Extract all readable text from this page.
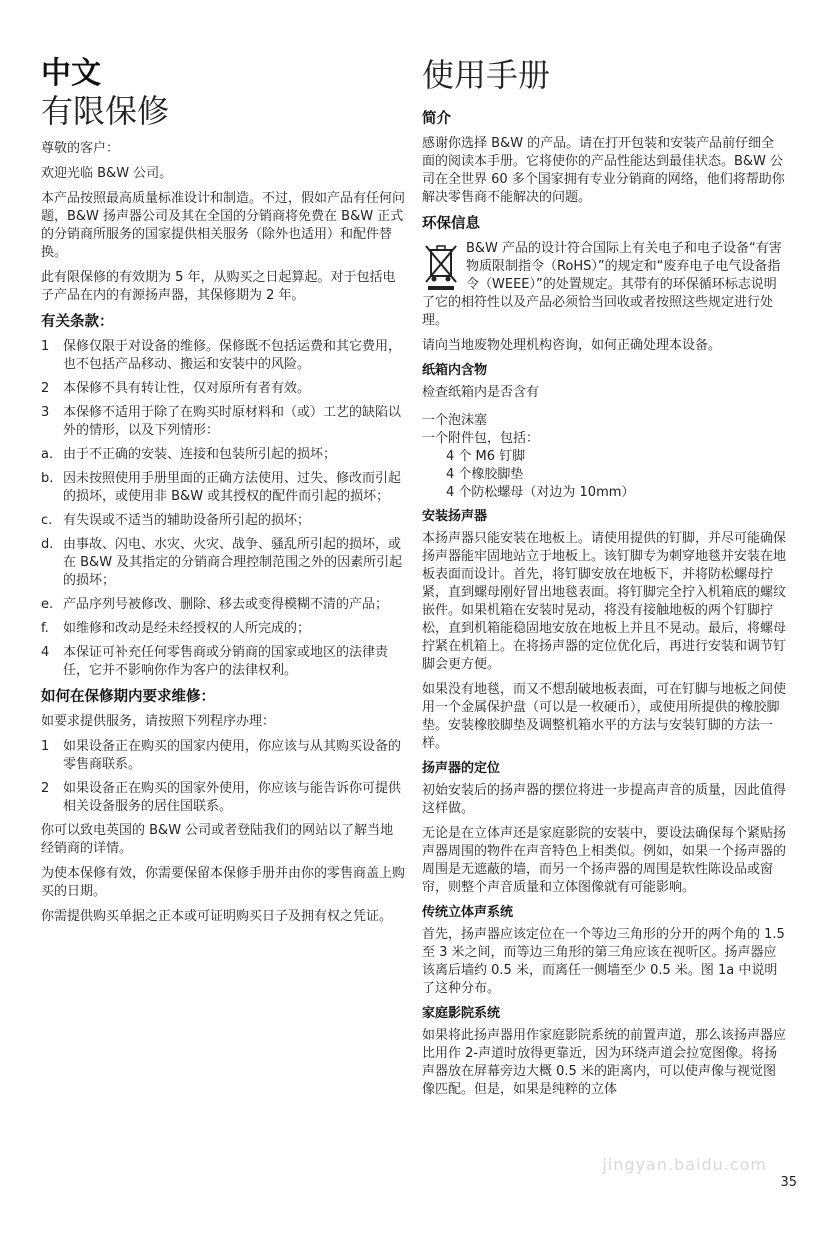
中文
有限保修

尊敬的客户：

欢迎光临 B&W 公司。

本产品按照最高质量标准设计和制造。不过，假如产品有任何问题，B&W 扬声器公司及其在全国的分销商将免费在 B&W 正式的分销商所服务的国家提供相关服务（除外也适用）和配件替换。

此有限保修的有效期为 5 年，从购买之日起算起。对于包括电子产品在内的有源扬声器，其保修期为 2 年。

有关条款：
1	保修仅限于对设备的维修。保修既不包括运费和其它费用，也不包括产品移动、搬运和安装中的风险。
2	本保修不具有转让性，仅对原所有者有效。
3	本保修不适用于除了在购买时原材料和（或）工艺的缺陷以外的情形，以及下列情形：
a. 由于不正确的安装、连接和包装所引起的损坏；
b. 因未按照使用手册里面的正确方法使用、过失、修改而引起的损坏，或使用非 B&W 或其授权的配件而引起的损坏；
c. 有失误或不适当的辅助设备所引起的损坏；
d. 由事故、闪电、水灾、火灾、战争、骚乱所引起的损坏，或在 B&W 及其指定的分销商合理控制范围之外的因素所引起的损坏；
e. 产品序列号被修改、删除、移去或变得模糊不清的产品；
f.	如维修和改动是经未经授权的人所完成的；
4	本保证可补充任何零售商或分销商的国家或地区的法律责任，它并不影响你作为客户的法律权利。
如何在保修期内要求维修：

如要求提供服务，请按照下列程序办理：

1	如果设备正在购买的国家内使用，你应该与从其购买设备的零售商联系。
2	如果设备正在购买的国家外使用，你应该与能告诉你可提供相关设备服务的居住国联系。

你可以致电英国的 B&W 公司或者登陆我们的网站以了解当地经销商的详情。

为使本保修有效，你需要保留本保修手册并由你的零售商盖上购买的日期。

你需提供购买单据之正本或可证明购买日子及拥有权之凭证。

使用手册
简介

感谢你选择 B&W 的产品。请在打开包装和安装产品前仔细全面的阅读本手册。它将使你的产品性能达到最佳状态。B&W 公司在全世界 60 多个国家拥有专业分销商的网络，他们将帮助你解决零售商不能解决的问题。

环保信息

B&W 产品的设计符合国际上有关电子和电子设备“有害物质限制指令（RoHS）”的规定和“废弃电子电气设备指令（WEEE）”的处置规定。其带有的环保循环标志说明了它的相符性以及产品必须恰当回收或者按照这些规定进行处理。

请向当地废物处理机构咨询，如何正确处理本设备。

纸箱内含物

检查纸箱内是否含有

一个泡沫塞
一个附件包，包括：
4 个 M6 钉脚
4 个橡胶脚垫
4 个防松螺母（对边为 10mm）
安装扬声器

本扬声器只能安装在地板上。请使用提供的钉脚，并尽可能确保扬声器能牢固地站立于地板上。该钉脚专为刺穿地毯并安装在地板表面而设计。首先，将钉脚安放在地板下，并将防松螺母拧紧，直到螺母刚好冒出地毯表面。将钉脚完全拧入机箱底的螺纹嵌件。如果机箱在安装时晃动，将没有接触地板的两个钉脚拧松，直到机箱能稳固地安放在地板上并且不晃动。最后，将螺母拧紧在机箱上。在将扬声器的定位优化后，再进行安装和调节钉脚会更方便。

如果没有地毯，而又不想刮破地板表面，可在钉脚与地板之间使用一个金属保护盘（可以是一枚硬币），或使用所提供的橡胶脚垫。安装橡胶脚垫及调整机箱水平的方法与安装钉脚的方法一样。

扬声器的定位

初始安装后的扬声器的摆位将进一步提高声音的质量，因此值得这样做。

无论是在立体声还是家庭影院的安装中，要设法确保每个紧贴扬声器周围的物件在声音特色上相类似。例如，如果一个扬声器的周围是无遮蔽的墙，而另一个扬声器的周围是软性陈设品或窗帘，则整个声音质量和立体图像就有可能影响。

传统立体声系统

首先，扬声器应该定位在一个等边三角形的分开的两个角的 1.5 至 3 米之间，而等边三角形的第三角应该在视听区。扬声器应该离后墙约 0.5 米，而离任一侧墙至少 0.5 米。图 1a 中说明了这种分布。

家庭影院系统

如果将此扬声器用作家庭影院系统的前置声道，那么该扬声器应比用作 2-声道时放得更靠近，因为环绕声道会拉宽图像。将扬声器放在屏幕旁边大概 0.5 米的距离内，可以使声像与视觉图像匹配。但是，如果是纯粹的立体

jingyan.baidu.com
35
